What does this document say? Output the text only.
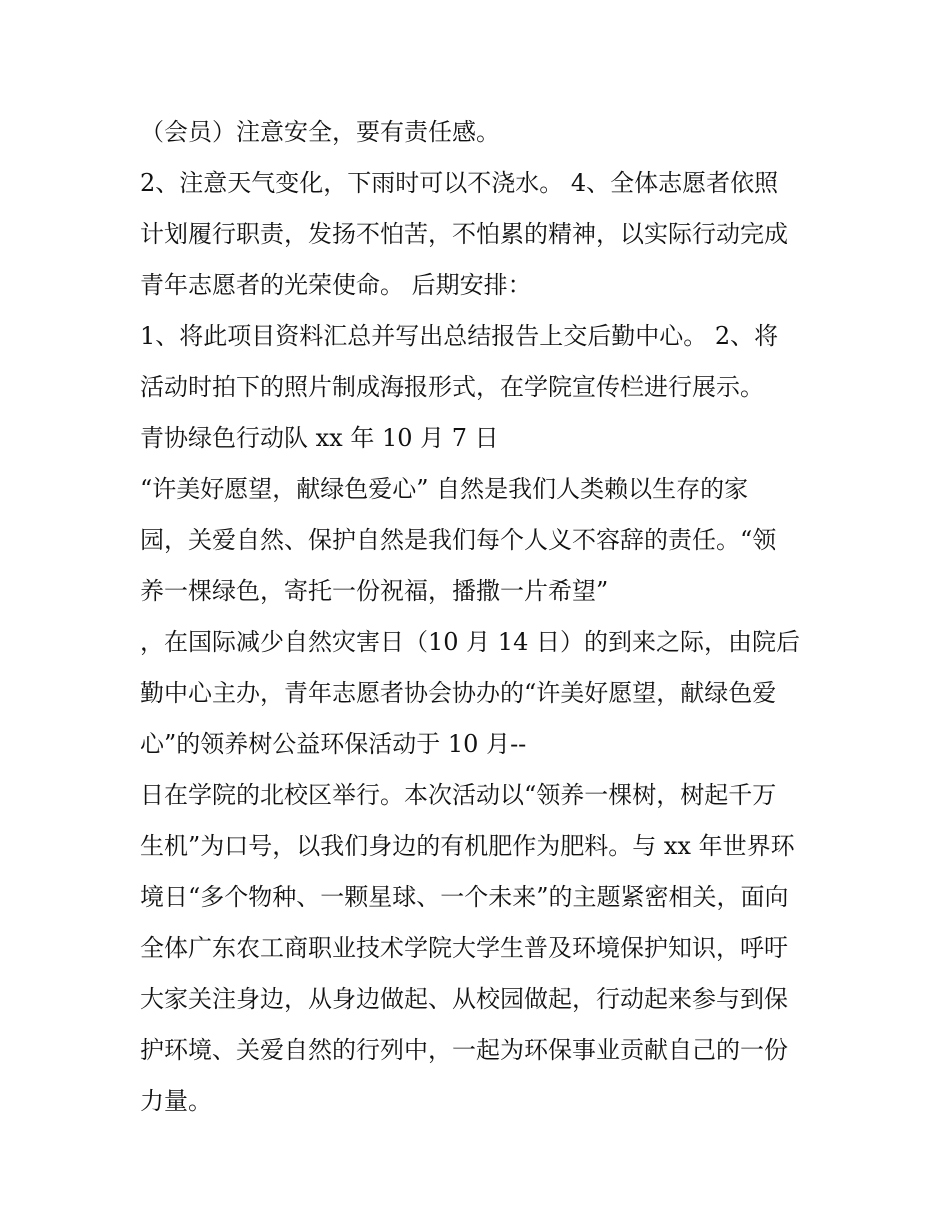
（会员）注意安全，要有责任感。
2、注意天气变化，下雨时可以不浇水。 4、全体志愿者依照
计划履行职责，发扬不怕苦，不怕累的精神，以实际行动完成
青年志愿者的光荣使命。 后期安排：
1、将此项目资料汇总并写出总结报告上交后勤中心。 2、将
活动时拍下的照片制成海报形式，在学院宣传栏进行展示。
青协绿色行动队 xx 年 10 月 7 日
“许美好愿望，献绿色爱心” 自然是我们人类赖以生存的家
园，关爱自然、保护自然是我们每个人义不容辞的责任。“领
养一棵绿色，寄托一份祝福，播撒一片希望”
，在国际减少自然灾害日（10 月 14 日）的到来之际，由院后
勤中心主办，青年志愿者协会协办的“许美好愿望，献绿色爱
心”的领养树公益环保活动于 10 月--
日在学院的北校区举行。本次活动以“领养一棵树，树起千万
生机”为口号，以我们身边的有机肥作为肥料。与 xx 年世界环
境日“多个物种、一颗星球、一个未来”的主题紧密相关，面向
全体广东农工商职业技术学院大学生普及环境保护知识，呼吁
大家关注身边，从身边做起、从校园做起，行动起来参与到保
护环境、关爱自然的行列中，一起为环保事业贡献自己的一份
力量。
